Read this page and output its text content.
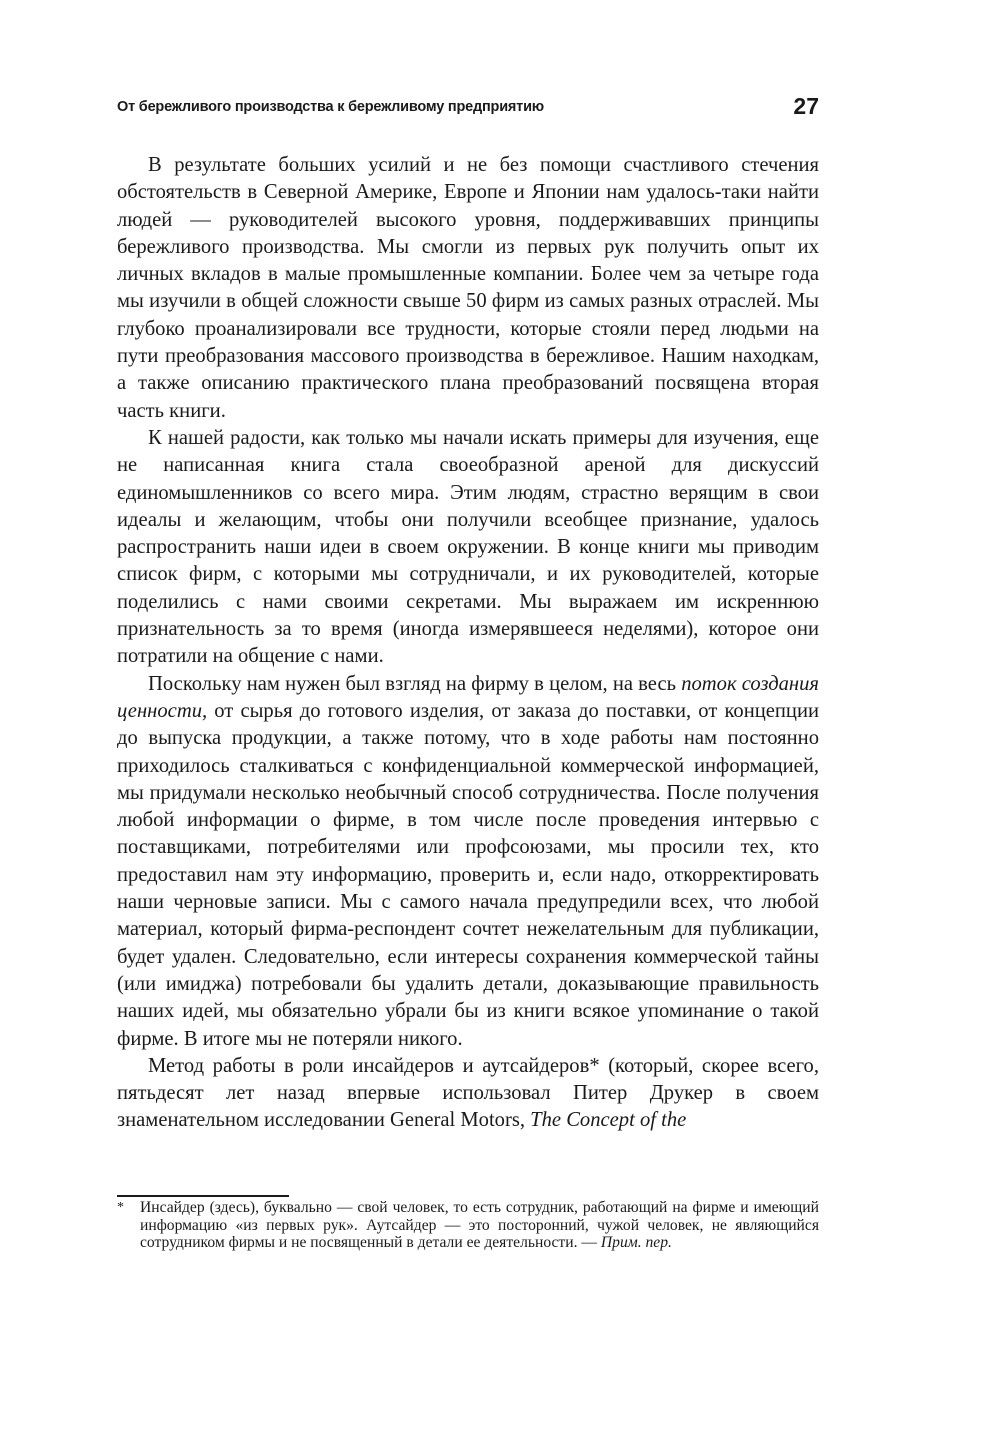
От бережливого производства к бережливому предприятию	27

В результате больших усилий и не без помощи счастливого стечения обстоятельств в Северной Америке, Европе и Японии нам удалось-таки найти людей — руководителей высокого уровня, поддерживавших принципы бережливого производства. Мы смогли из первых рук получить опыт их личных вкладов в малые промышленные компании. Более чем за четыре года мы изучили в общей сложности свыше 50 фирм из самых разных отраслей. Мы глубоко проанализировали все трудности, которые стояли перед людьми на пути преобразования массового производства в бережливое. Нашим находкам, а также описанию практического плана преобразований посвящена вторая часть книги.

К нашей радости, как только мы начали искать примеры для изучения, еще не написанная книга стала своеобразной ареной для дискуссий единомышленников со всего мира. Этим людям, страстно верящим в свои идеалы и желающим, чтобы они получили всеобщее признание, удалось распространить наши идеи в своем окружении. В конце книги мы приводим список фирм, с которыми мы сотрудничали, и их руководителей, которые поделились с нами своими секретами. Мы выражаем им искреннюю признательность за то время (иногда измерявшееся неделями), которое они потратили на общение с нами.

Поскольку нам нужен был взгляд на фирму в целом, на весь поток создания ценности, от сырья до готового изделия, от заказа до поставки, от концепции до выпуска продукции, а также потому, что в ходе работы нам постоянно приходилось сталкиваться с конфиденциальной коммерческой информацией, мы придумали несколько необычный способ сотрудничества. После получения любой информации о фирме, в том числе после проведения интервью с поставщиками, потребителями или профсоюзами, мы просили тех, кто предоставил нам эту информацию, проверить и, если надо, откорректировать наши черновые записи. Мы с самого начала предупредили всех, что любой материал, который фирма-респондент сочтет нежелательным для публикации, будет удален. Следовательно, если интересы сохранения коммерческой тайны (или имиджа) потребовали бы удалить детали, доказывающие правильность наших идей, мы обязательно убрали бы из книги всякое упоминание о такой фирме. В итоге мы не потеряли никого.

Метод работы в роли инсайдеров и аутсайдеров* (который, скорее всего, пятьдесят лет назад впервые использовал Питер Друкер в своем знаменательном исследовании General Motors, The Concept of the

* Инсайдер (здесь), буквально — свой человек, то есть сотрудник, работающий на фирме и имеющий информацию «из первых рук». Аутсайдер — это посторонний, чужой человек, не являющийся сотрудником фирмы и не посвященный в детали ее деятельности. — Прим. пер.
